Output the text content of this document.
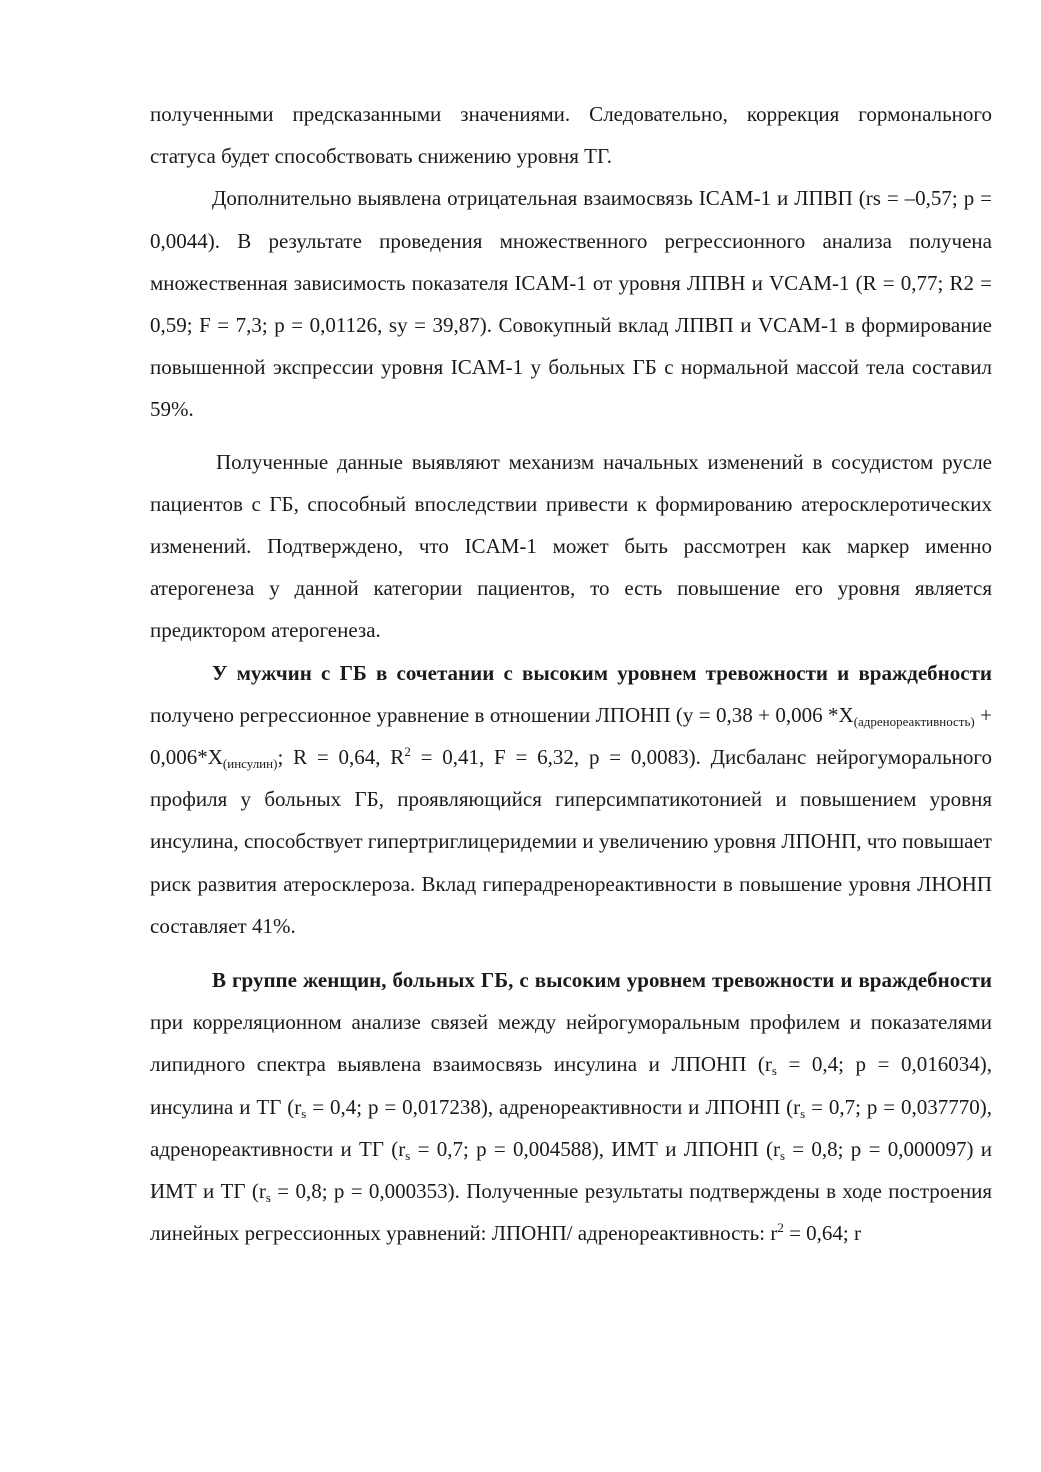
полученными предсказанными значениями. Следовательно, коррекция гормонального статуса будет способствовать снижению уровня ТГ.

Дополнительно выявлена отрицательная взаимосвязь ICAM-1 и ЛПВП (rs = –0,57; p = 0,0044). В результате проведения множественного регрессионного анализа получена множественная зависимость показателя ICAM-1 от уровня ЛПВН и VCAM-1 (R = 0,77; R2 = 0,59; F = 7,3; p = 0,01126, sy = 39,87). Совокупный вклад ЛПВП и VCAM-1 в формирование повышенной экспрессии уровня ICAM-1 у больных ГБ с нормальной массой тела составил 59%.

Полученные данные выявляют механизм начальных изменений в сосудистом русле пациентов с ГБ, способный впоследствии привести к формированию атеросклеротических изменений. Подтверждено, что ICAM-1 может быть рассмотрен как маркер именно атерогенеза у данной категории пациентов, то есть повышение его уровня является предиктором атерогенеза.

У мужчин с ГБ в сочетании с высоким уровнем тревожности и враждебности получено регрессионное уравнение в отношении ЛПОНП (y = 0,38 + 0,006 $*X_{(адренореактивность)} + 0,006*X_{(инсулин)}$; R = 0,64, $R^2 = 0,41$, F = 6,32, p = 0,0083). Дисбаланс нейрогуморального профиля у больных ГБ, проявляющийся гиперсимпатикотонией и повышением уровня инсулина, способствует гипертриглицеридемии и увеличению уровня ЛПОНП, что повышает риск развития атеросклероза. Вклад гиперадренореактивности в повышение уровня ЛНОНП составляет 41%.

В группе женщин, больных ГБ, с высоким уровнем тревожности и враждебности при корреляционном анализе связей между нейрогуморальным профилем и показателями липидного спектра выявлена взаимосвязь инсулина и ЛПОНП ($r_s = 0,4$; p = 0,016034), инсулина и ТГ ($r_s = 0,4$; p = 0,017238), адренореактивности и ЛПОНП ($r_s = 0,7$; p = 0,037770), адренореактивности и ТГ ($r_s = 0,7$; p = 0,004588), ИМТ и ЛПОНП ($r_s = 0,8$; p = 0,000097) и ИМТ и ТГ ($r_s = 0,8$; p = 0,000353). Полученные результаты подтверждены в ходе построения линейных регрессионных уравнений: ЛПОНП/ адренореактивность: $r^2 = 0,64$; r
